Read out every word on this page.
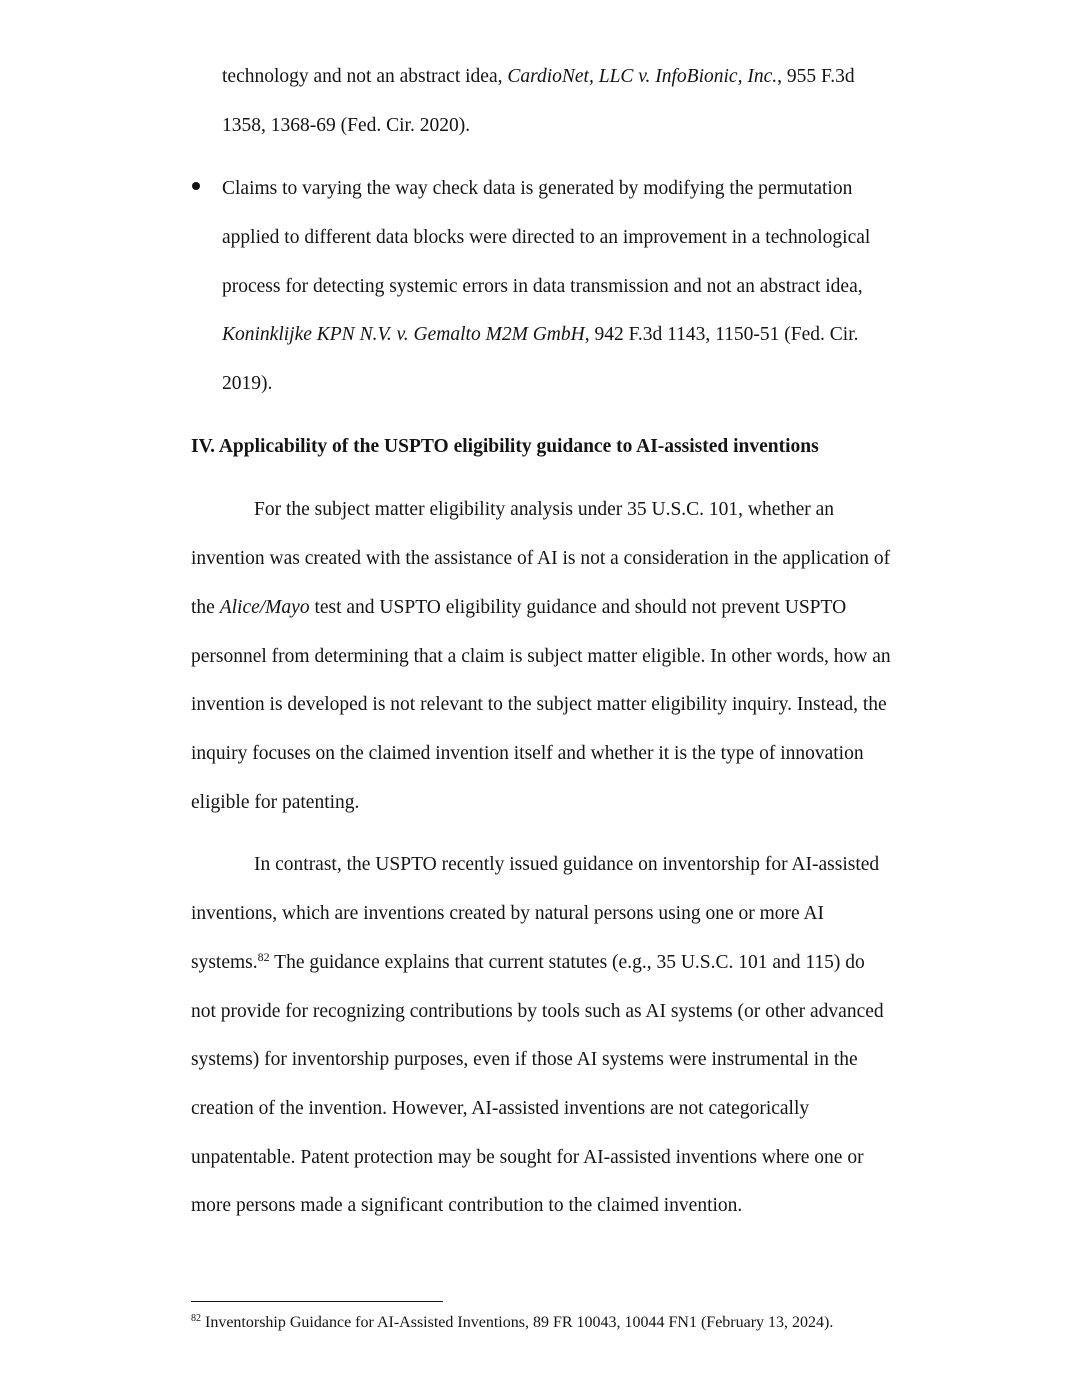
technology and not an abstract idea, CardioNet, LLC v. InfoBionic, Inc., 955 F.3d
1358, 1368-69 (Fed. Cir. 2020).
Claims to varying the way check data is generated by modifying the permutation
applied to different data blocks were directed to an improvement in a technological
process for detecting systemic errors in data transmission and not an abstract idea,
Koninklijke KPN N.V. v. Gemalto M2M GmbH, 942 F.3d 1143, 1150-51 (Fed. Cir.
2019).
IV. Applicability of the USPTO eligibility guidance to AI-assisted inventions
For the subject matter eligibility analysis under 35 U.S.C. 101, whether an
invention was created with the assistance of AI is not a consideration in the application of
the Alice/Mayo test and USPTO eligibility guidance and should not prevent USPTO
personnel from determining that a claim is subject matter eligible. In other words, how an
invention is developed is not relevant to the subject matter eligibility inquiry. Instead, the
inquiry focuses on the claimed invention itself and whether it is the type of innovation
eligible for patenting.
In contrast, the USPTO recently issued guidance on inventorship for AI-assisted
inventions, which are inventions created by natural persons using one or more AI
systems.$^{82}$ The guidance explains that current statutes (e.g., 35 U.S.C. 101 and 115) do
not provide for recognizing contributions by tools such as AI systems (or other advanced
systems) for inventorship purposes, even if those AI systems were instrumental in the
creation of the invention. However, AI-assisted inventions are not categorically
unpatentable. Patent protection may be sought for AI-assisted inventions where one or
more persons made a significant contribution to the claimed invention.
$^{82}$ Inventorship Guidance for AI-Assisted Inventions, 89 FR 10043, 10044 FN1 (February 13, 2024).
